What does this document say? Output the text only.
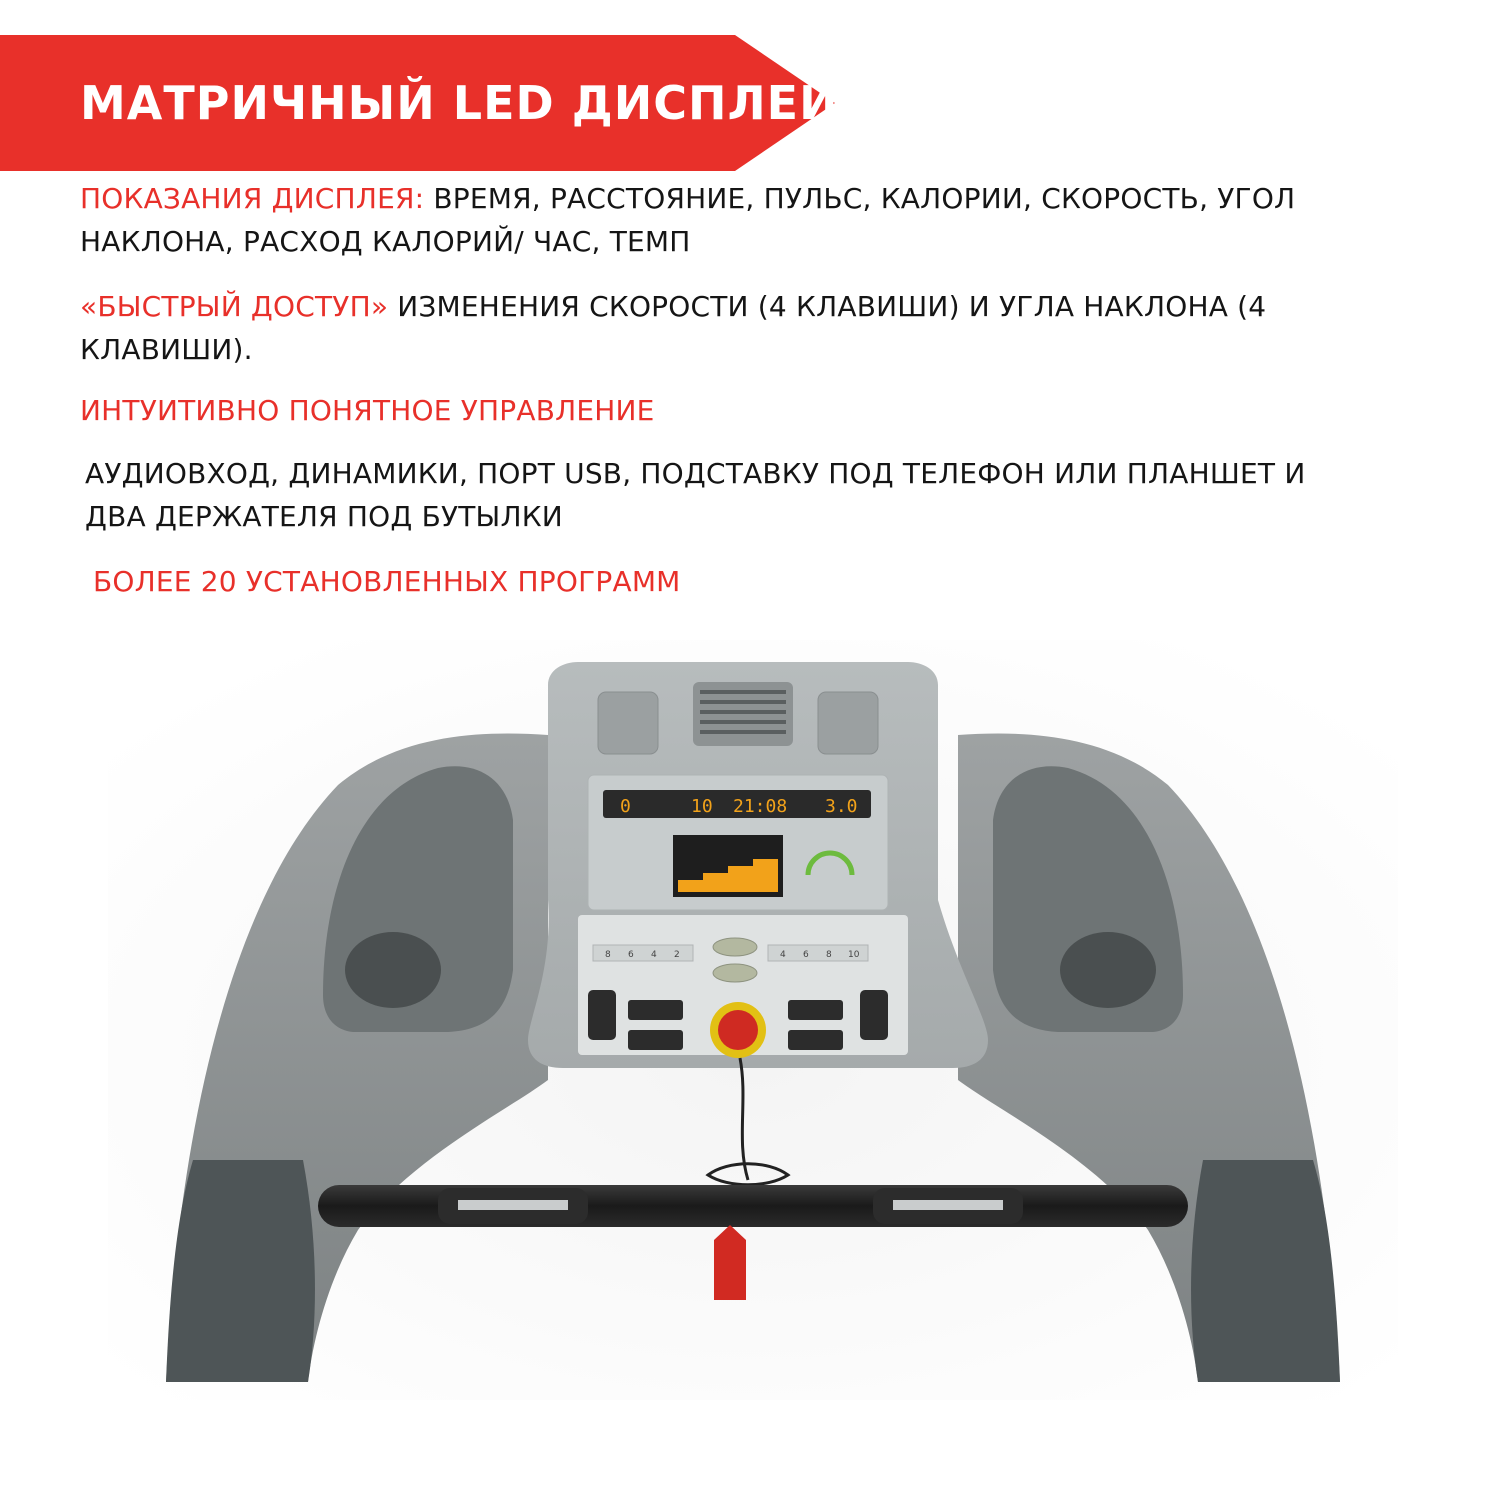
МАТРИЧНЫЙ LED ДИСПЛЕЙ
ПОКАЗАНИЯ ДИСПЛЕЯ: ВРЕМЯ, РАССТОЯНИЕ, ПУЛЬС, КАЛОРИИ, СКОРОСТЬ, УГОЛ
НАКЛОНА, РАСХОД КАЛОРИЙ/ ЧАС, ТЕМП
«БЫСТРЫЙ ДОСТУП» ИЗМЕНЕНИЯ СКОРОСТИ (4 КЛАВИШИ) И УГЛА НАКЛОНА (4
КЛАВИШИ).
ИНТУИТИВНО ПОНЯТНОЕ УПРАВЛЕНИЕ
АУДИОВХОД, ДИНАМИКИ, ПОРТ USB, ПОДСТАВКУ ПОД ТЕЛЕФОН ИЛИ ПЛАНШЕТ И
ДВА ДЕРЖАТЕЛЯ ПОД БУТЫЛКИ
БОЛЕЕ 20 УСТАНОВЛЕННЫХ ПРОГРАММ
0	10 21:08 3.0
8 6 4 2	4 6 8 10
